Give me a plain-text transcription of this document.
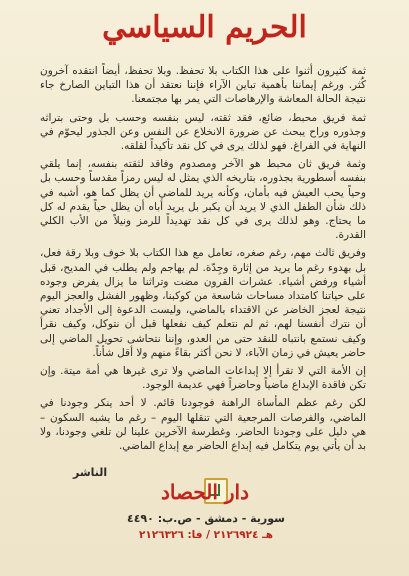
الحريم السياسي

ثمة كثيرون أثنوا على هذا الكتاب بلا تحفظ. وبلا تحفظ، أيضاً انتقده آخرون كُثر. ورغم إيماننا بأهمية تباين الآراء فإننا نعتقد أن هذا التباين الصارخ جاء نتيجة الحالة المعاشة والإرهاصات التي يمر بها مجتمعنا.

ثمة فريق محبط، ضائع، فقد ثقته، ليس بنفسه وحسب بل وحتى بتراثه وجذوره وراح يبحث عن ضرورة الانخلاع عن النفس وعن الجذور ليحوّم في النهاية في الفراغ. فهو لذلك يرى في كل نقد تأكيداً لقلقه.

وثمة فريق ثان محبط هو الآخر ومصدوم وفاقد لثقته بنفسه، إنما يلقي بنفسه أسطورية بجذوره، بتاريخه الذي يمثل له ليس رمزاً مقدساً وحسب بل وحياً يحب العيش فيه بأمان، وكأنه يريد للماضي أن يظل كما هو، أشبه في ذلك شأن الطفل الذي لا يريد أن يكبر بل يريد أباه أن يظل حياً يقدم له كل ما يحتاج. وهو لذلك يرى في كل نقد تهديداً للرمز ونيلاً من الأب الكلي القدرة.

وفريق ثالث مهم، رغم صغره، تعامل مع هذا الكتاب بلا خوف وبلا رقة فعل، بل بهدوء رغم ما يريد من إثارة وجِدّة. لم يهاجم ولم يطلب في المديح، قبل أشياء ورفض أشياء. عشرات القرون مضت وتراثنا ما يزال يفرض وجوده على حياتنا كامتداد مساحات شاسعة من كوكبنا، وظهور الفشل والعجز اليوم نتيجة لعجز الخاضر عن الاقتداء بالماضي، وليست الدعوة إلى الأجداد تعني أن نترك أنفسنا لهم، ثم لم نتعلم كيف نفعلها قبل أن نتوكل، وكيف نقرأ وكيف نستمع بانتباه للنقد حتى من العدو، وإننا نتحاشى تحويل الماضي إلى حاضر يعيش في زمان الآباء، لا نحن أكثر بقاءً منهم ولا أقل شأناً.

إن الأمة التي لا تقرأ إلا إبداعات الماضي ولا ترى غيرها هي أمة ميتة. وإن تكن فاقدة الإبداع ماضياً وحاضراً فهي عديمة الوجود.

لكن رغم عظم المأساة الراهنة فوجودنا قائم. لا أحد ينكر وجودنا في الماضي، والفرصات المرجعية التي تنقلها اليوم – رغم ما يشبه السكون – هي دليل على وجودنا الحاضر. وغطرسة الآخرين علينا لن تلغي وجودنا، ولا بد أن يأتي يوم يتكامل فيه إبداع الحاضر مع إبداع الماضي.

الناشر
دار الحصاد
سورية - دمشق - ص.ب: ٤٤٩٠
هـ ٢١٢٦٩٢٤ / فا: ٢١٢٦٣٢٦
